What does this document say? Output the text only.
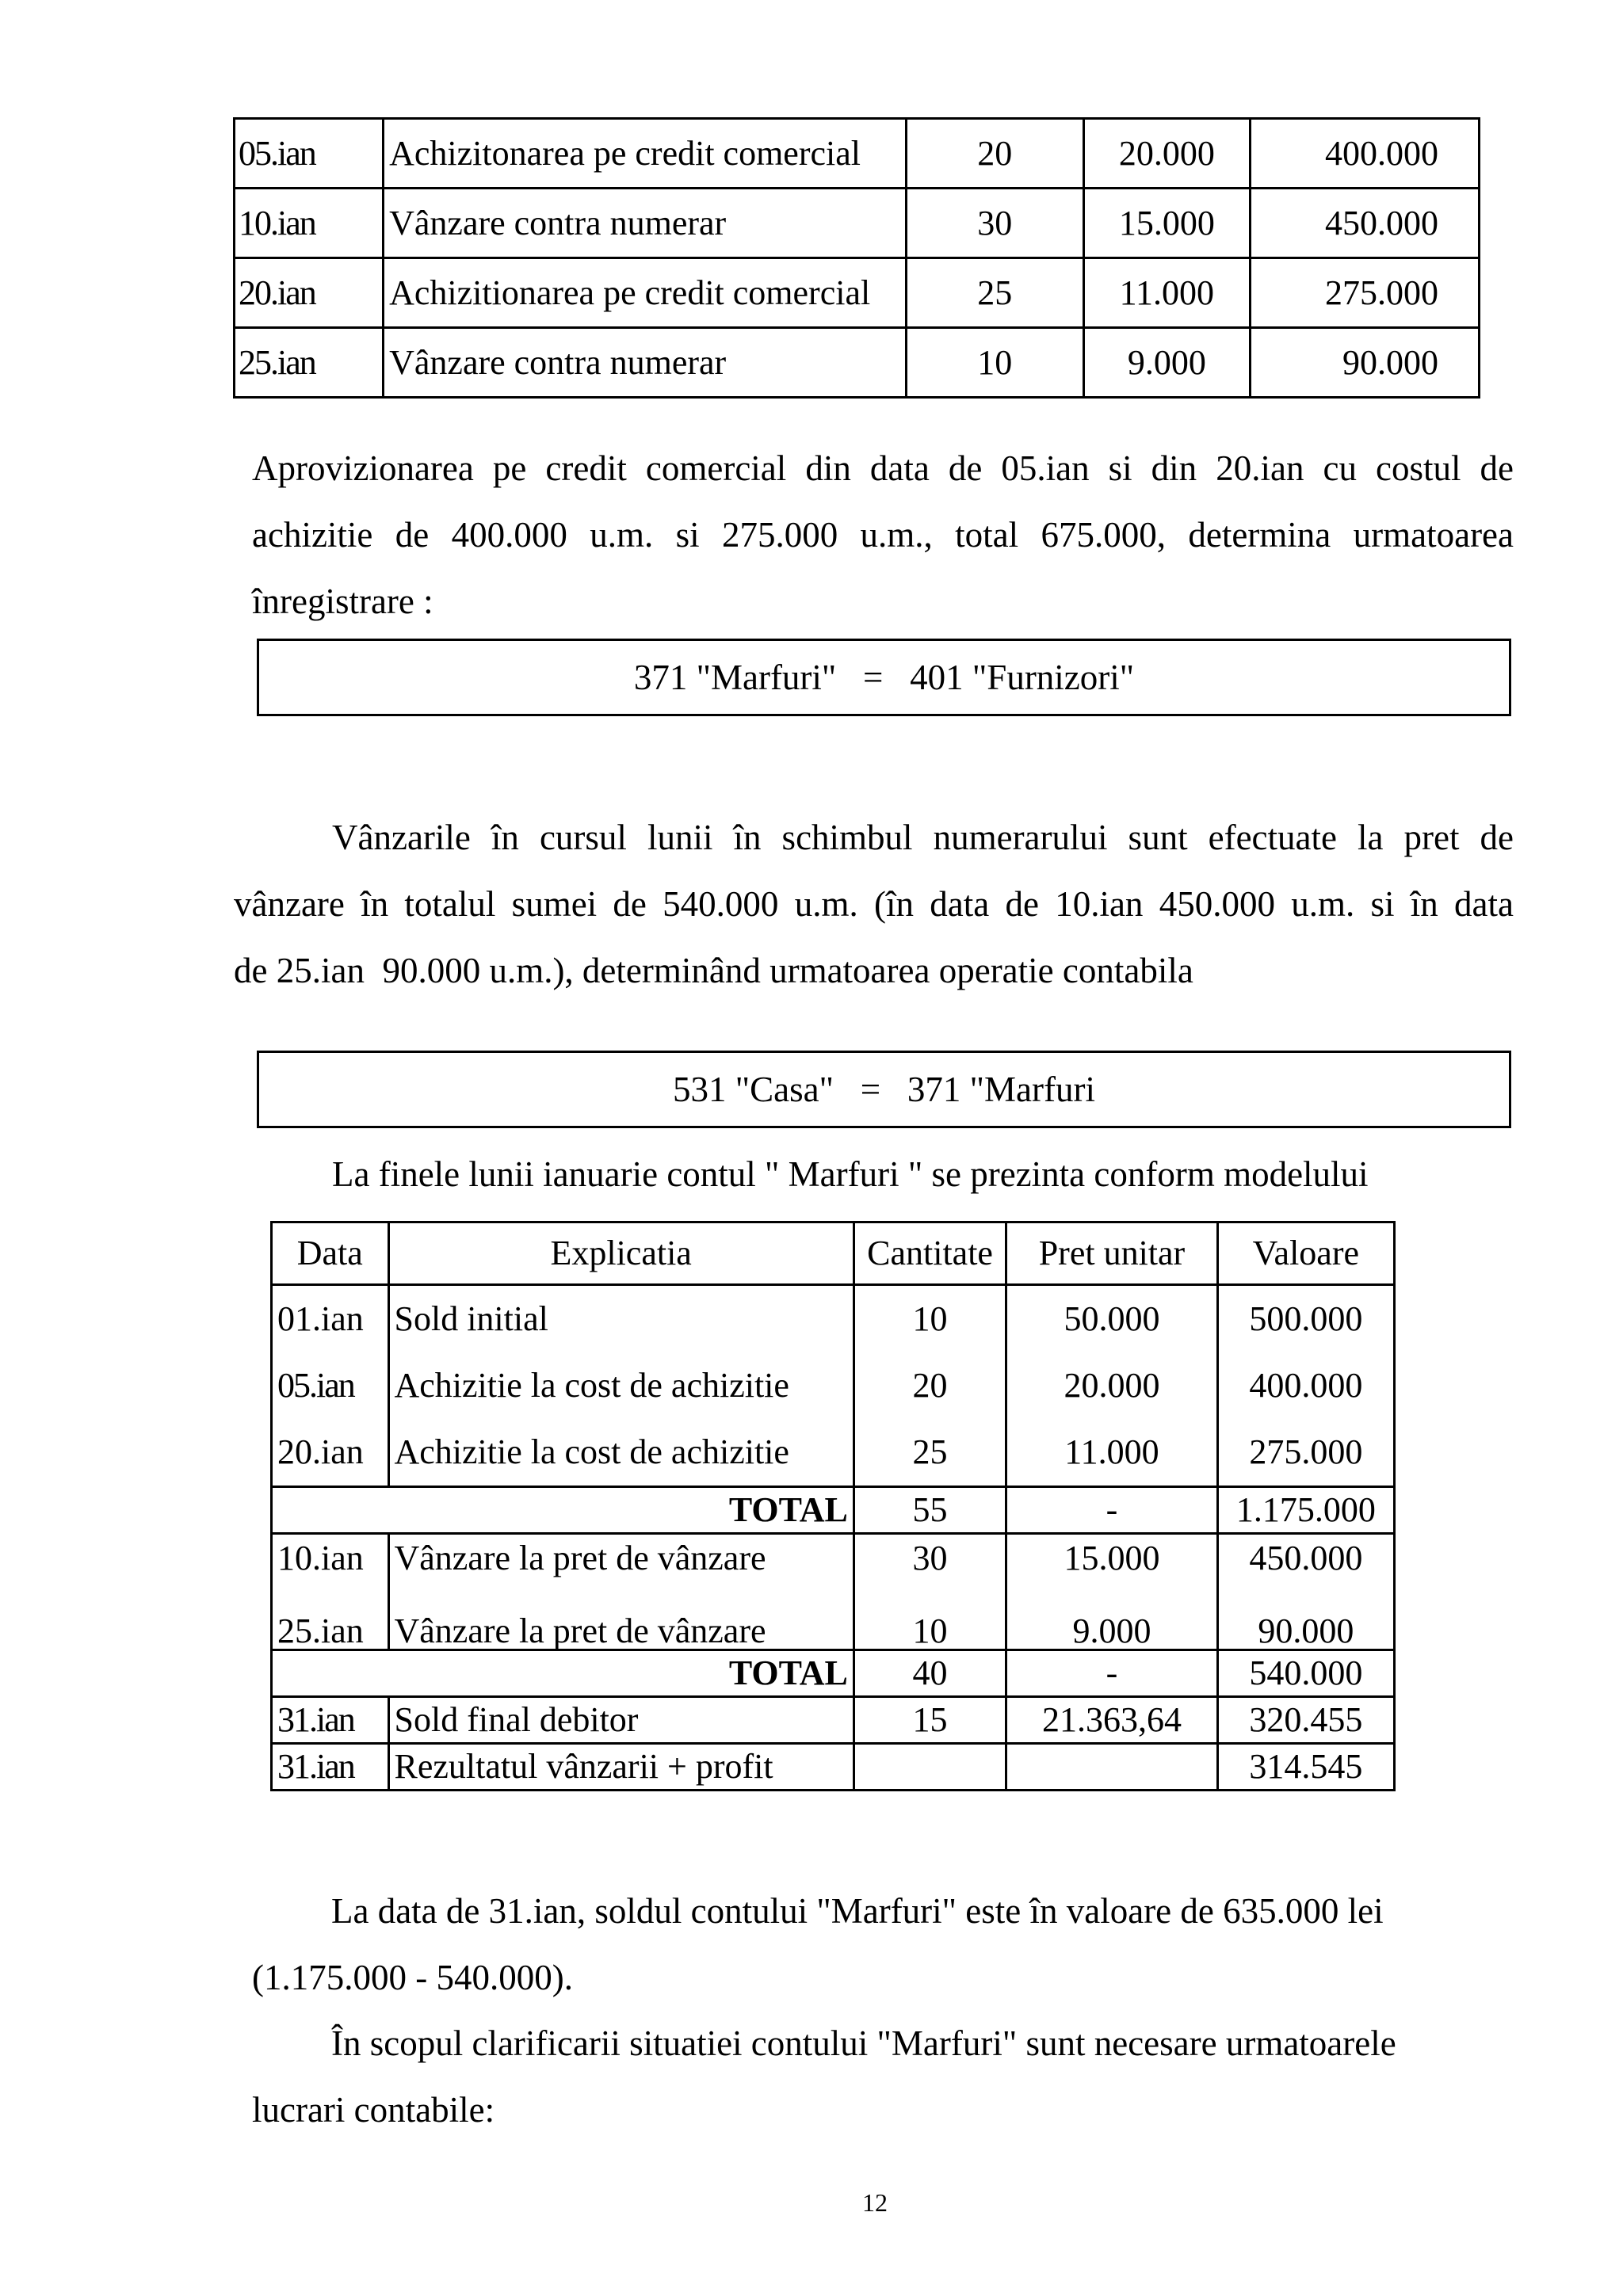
05.ian	Achizitonarea pe credit comercial	20	20.000	400.000
10.ian	Vânzare contra numerar	30	15.000	450.000
20.ian	Achizitionarea pe credit comercial	25	11.000	275.000
25.ian	Vânzare contra numerar	10	9.000	90.000
Aprovizionarea pe credit comercial din data de 05.ian si din 20.ian cu costul de
achizitie de 400.000 u.m. si 275.000 u.m., total 675.000, determina urmatoarea
înregistrare :
371 "Marfuri"   =   401 "Furnizori"
Vânzarile în cursul lunii în schimbul numerarului sunt efectuate la pret de
vânzare în totalul sumei de 540.000 u.m. (în data de 10.ian 450.000 u.m. si în data
de 25.ian  90.000 u.m.), determinând urmatoarea operatie contabila
531 "Casa"   =   371 "Marfuri
La finele lunii ianuarie contul " Marfuri " se prezinta conform modelului
Data	Explicatia	Cantitate	Pret unitar	Valoare
01.ian	Sold initial	10	50.000	500.000
05.ian	Achizitie la cost de achizitie	20	20.000	400.000
20.ian	Achizitie la cost de achizitie	25	11.000	275.000
TOTAL		55	-	1.175.000
10.ian	Vânzare la pret de vânzare	30	15.000	450.000
25.ian	Vânzare la pret de vânzare	10	9.000	90.000
TOTAL		40	-	540.000
31.ian	Sold final debitor	15	21.363,64	320.455
31.ian	Rezultatul vânzarii + profit			314.545
La data de 31.ian, soldul contului "Marfuri" este în valoare de 635.000 lei
(1.175.000 - 540.000).
În scopul clarificarii situatiei contului "Marfuri" sunt necesare urmatoarele
lucrari contabile:
12
